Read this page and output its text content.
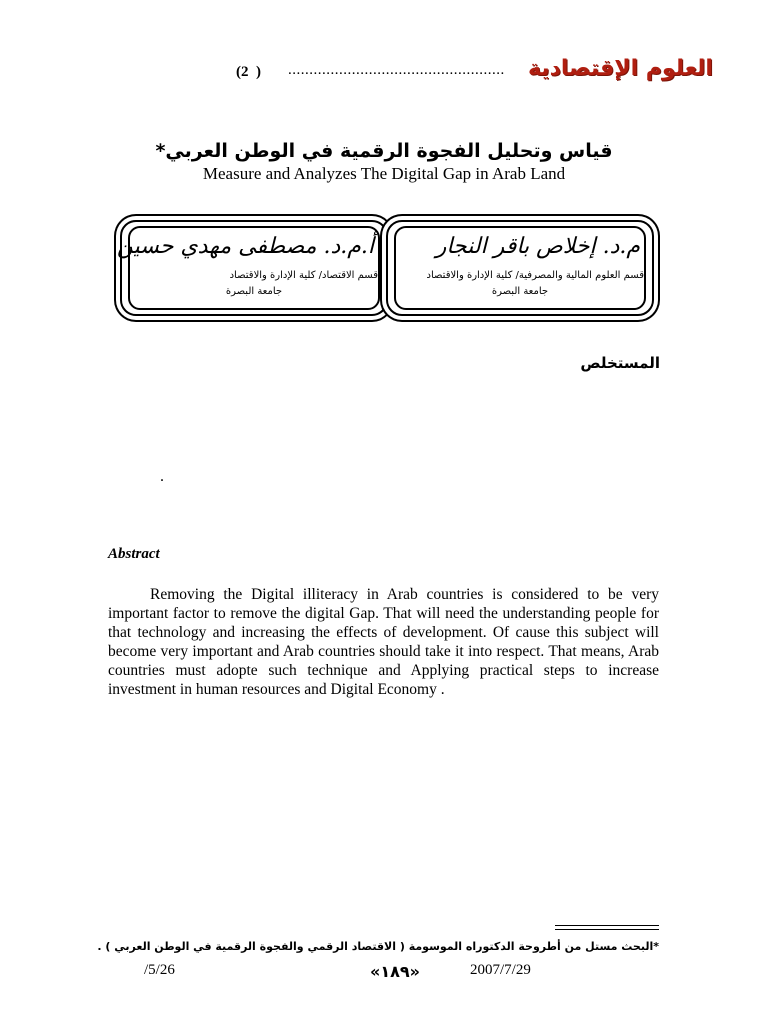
(2  ) ................................................... العلوم الإقتصادية
قياس وتحليل الفجوة الرقمية في الوطن العربي*
Measure and Analyzes The Digital Gap in Arab Land
أ.م.د. مصطفى مهدي حسين
قسم الاقتصاد/ كلية الإدارة والاقتصاد
جامعة البصرة
م.د. إخلاص باقر النجار
قسم العلوم المالية والمصرفية/ كلية الإدارة والاقتصاد
جامعة البصرة
المستخلص
.
Abstract
Removing the Digital illiteracy in Arab countries is considered to be very important factor to remove the digital Gap. That will need the understanding people for that technology and increasing the effects of development. Of cause this subject will become very important and Arab countries should take it into respect. That means, Arab countries must adopte such technique and Applying practical steps to increase investment in human resources and Digital Economy .
*البحث مستل من أطروحة الدكتوراه الموسومة ( الاقتصاد الرقمي والفجوة الرقمية في الوطن العربي ) .
/5/26	«١٨٩»	2007/7/29
